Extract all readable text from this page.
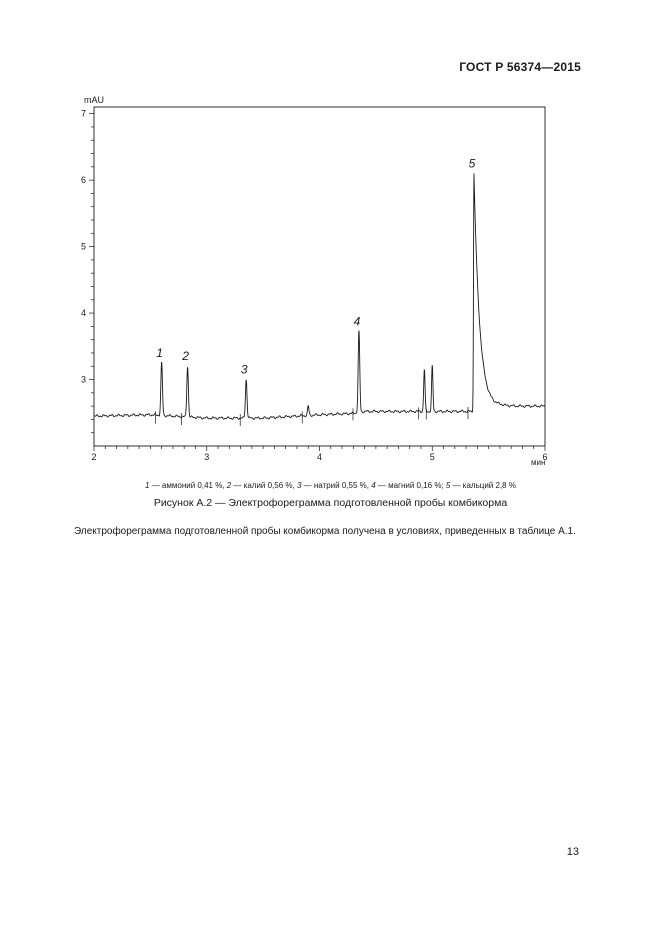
ГОСТ Р 56374—2015
3
4
5
6
7
mAU
2	3	4	5	6
мин
1 2
3
4
5
1 — аммоний 0,41 %, 2 — калий 0,56 %, 3 — натрий 0,55 %, 4 — магний 0,16 %; 5 — кальций 2,8 %
Рисунок А.2 — Электрофореграмма подготовленной пробы комбикорма
Электрофореграмма подготовленной пробы комбикорма получена в условиях, приведенных в таблице А.1.
13
